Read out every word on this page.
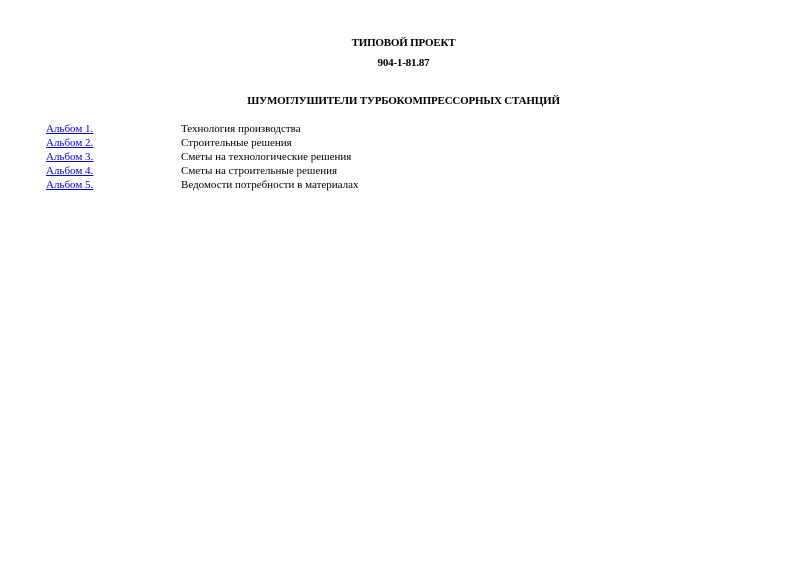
ТИПОВОЙ ПРОЕКТ
904-1-81.87
ШУМОГЛУШИТЕЛИ ТУРБОКОМПРЕССОРНЫХ СТАНЦИЙ
Альбом 1.	Технология производства
Альбом 2.	Строительные решения
Альбом 3.	Сметы на технологические решения
Альбом 4.	Сметы на строительные решения
Альбом 5.	Ведомости потребности в материалах
